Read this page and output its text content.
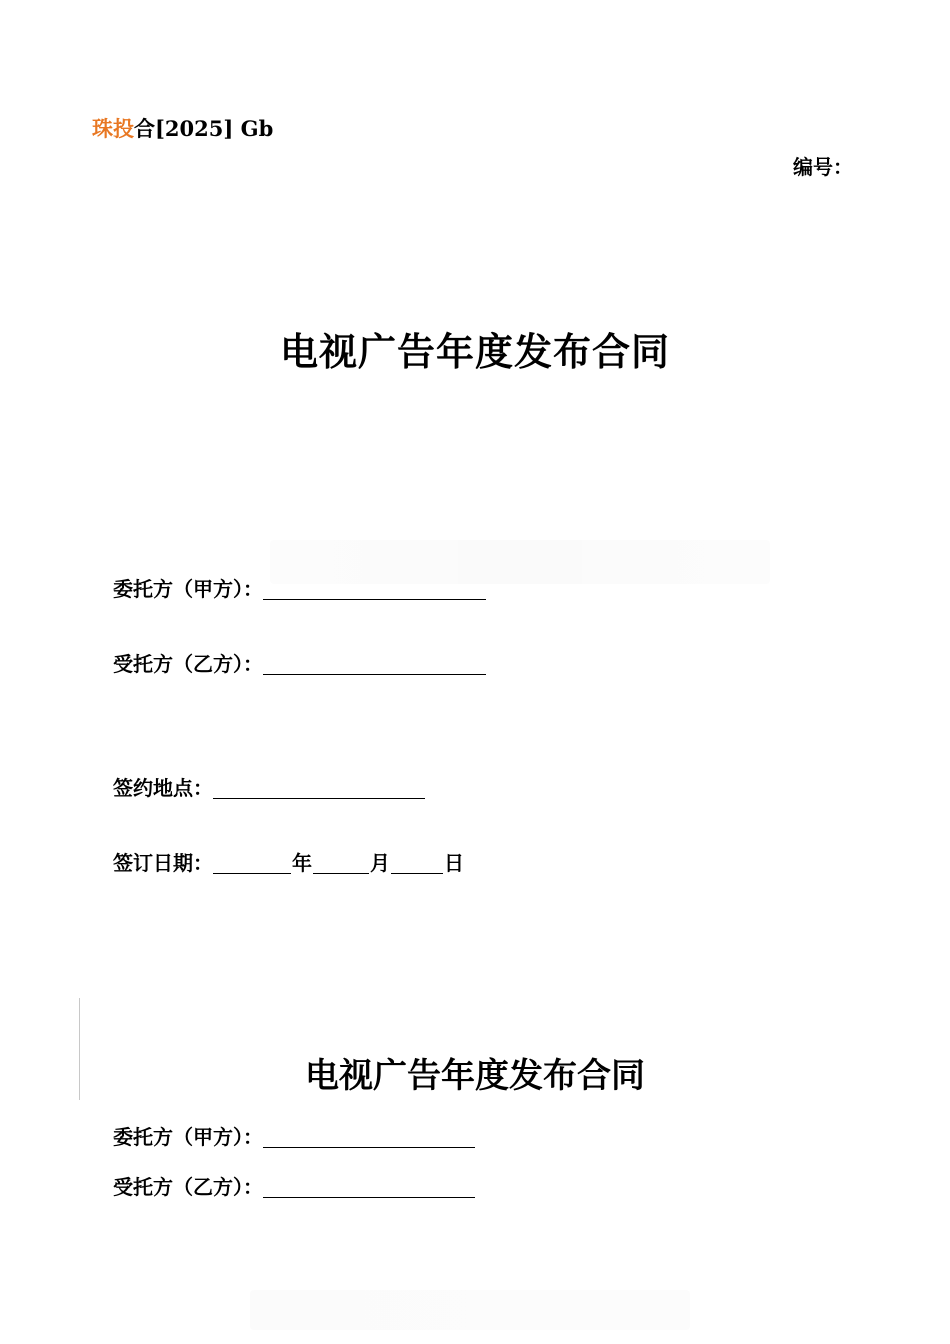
珠投合[2025] Gb
编号：
电视广告年度发布合同
委托方（甲方）：
受托方（乙方）：
签约地点：
签订日期：	年	月	日
电视广告年度发布合同
委托方（甲方）：
受托方（乙方）：
